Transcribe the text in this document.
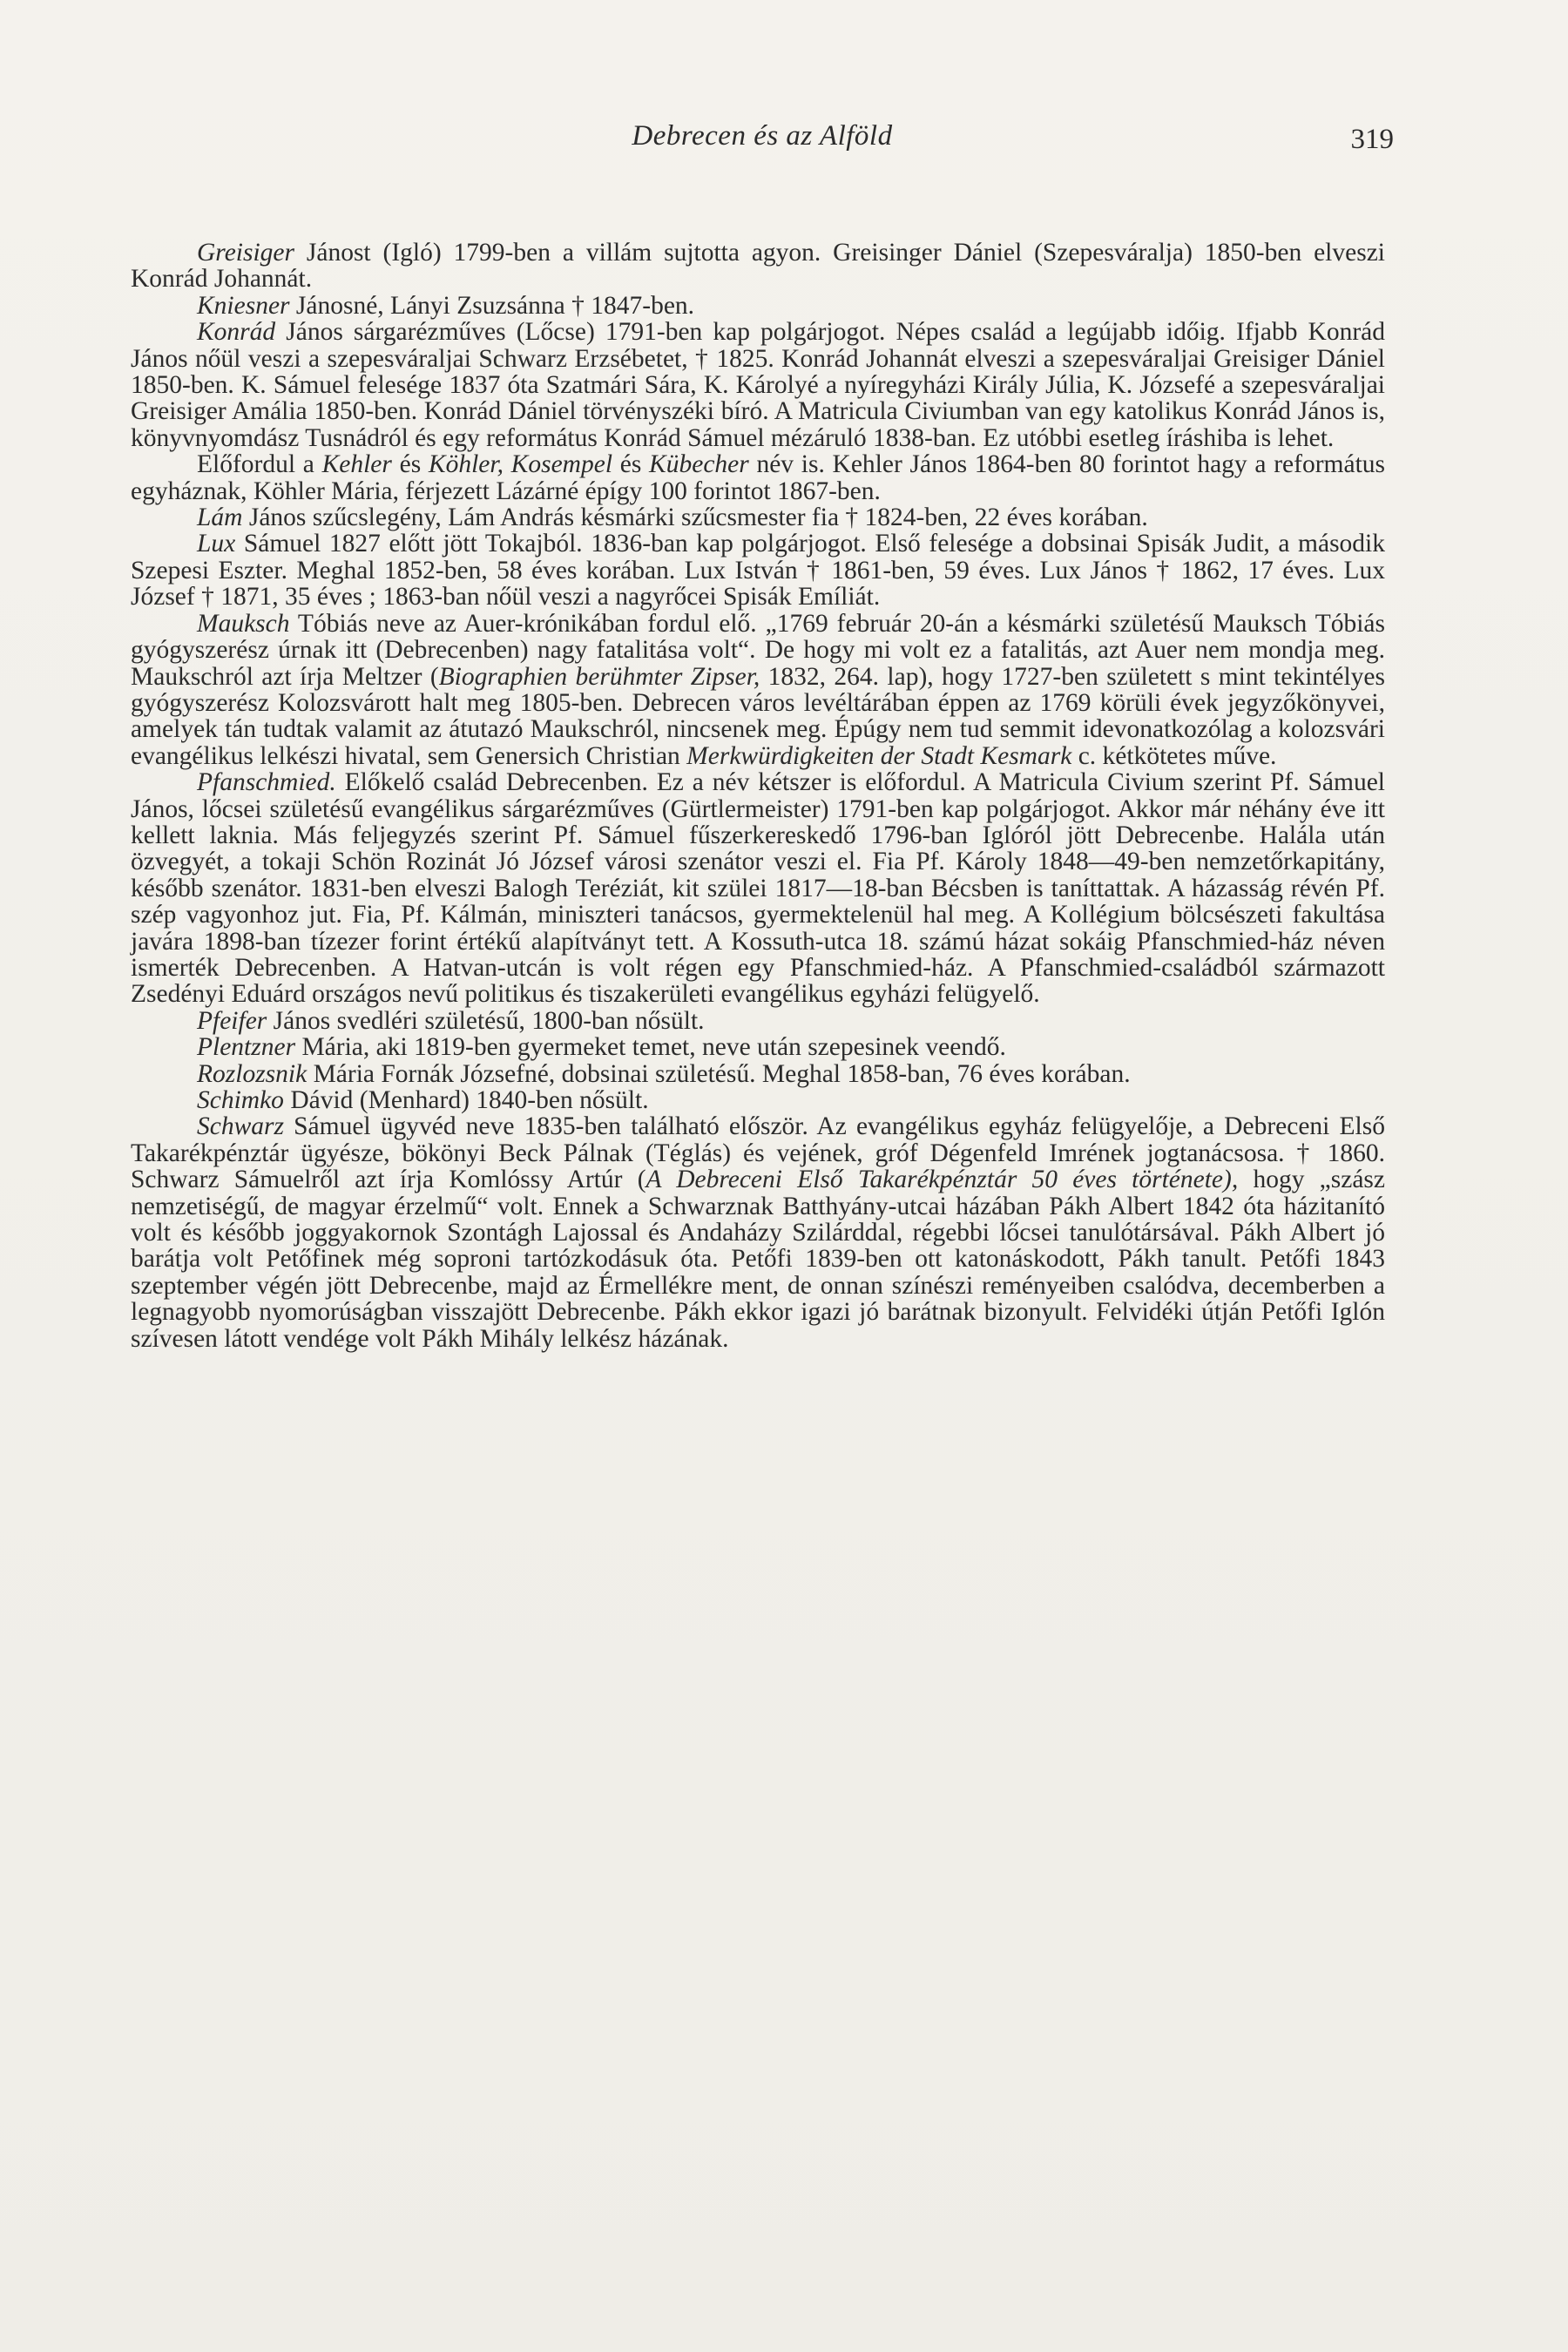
Debrecen és az Alföld	319

Greisiger Jánost (Igló) 1799-ben a villám sujtotta agyon. Greisinger Dániel (Szepesváralja) 1850-ben elveszi Konrád Johannát.

Kniesner Jánosné, Lányi Zsuzsánna † 1847-ben.

Konrád János sárgarézműves (Lőcse) 1791-ben kap polgárjogot. Népes család a legújabb időig. Ifjabb Konrád János nőül veszi a szepesváraljai Schwarz Erzsébetet, † 1825. Konrád Johannát elveszi a szepesváraljai Greisiger Dániel 1850-ben. K. Sámuel felesége 1837 óta Szatmári Sára, K. Károlyé a nyíregyházi Király Júlia, K. Józsefé a szepesváraljai Greisiger Amália 1850-ben. Konrád Dániel törvényszéki bíró. A Matricula Civiumban van egy katolikus Konrád János is, könyvnyomdász Tusnádról és egy református Konrád Sámuel mézáruló 1838-ban. Ez utóbbi esetleg íráshiba is lehet.

Előfordul a Kehler és Köhler, Kosempel és Kübecher név is. Kehler János 1864-ben 80 forintot hagy a református egyháznak, Köhler Mária, férjezett Lázárné épígy 100 forintot 1867-ben.

Lám János szűcslegény, Lám András késmárki szűcsmester fia † 1824-ben, 22 éves korában.

Lux Sámuel 1827 előtt jött Tokajból. 1836-ban kap polgárjogot. Első felesége a dobsinai Spisák Judit, a második Szepesi Eszter. Meghal 1852-ben, 58 éves korában. Lux István † 1861-ben, 59 éves. Lux János † 1862, 17 éves. Lux József † 1871, 35 éves ; 1863-ban nőül veszi a nagyrőcei Spisák Emíliát.

Mauksch Tóbiás neve az Auer-krónikában fordul elő. „1769 február 20-án a késmárki születésű Mauksch Tóbiás gyógyszerész úrnak itt (Debrecenben) nagy fatalitása volt“. De hogy mi volt ez a fatalitás, azt Auer nem mondja meg. Maukschról azt írja Meltzer (Biographien berühmter Zipser, 1832, 264. lap), hogy 1727-ben született s mint tekintélyes gyógyszerész Kolozsvárott halt meg 1805-ben. Debrecen város levéltárában éppen az 1769 körüli évek jegyzőkönyvei, amelyek tán tudtak valamit az átutazó Maukschról, nincsenek meg. Épúgy nem tud semmit idevonatkozólag a kolozsvári evangélikus lelkészi hivatal, sem Genersich Christian Merkwürdigkeiten der Stadt Kesmark c. kétkötetes műve.

Pfanschmied. Előkelő család Debrecenben. Ez a név kétszer is előfordul. A Matricula Civium szerint Pf. Sámuel János, lőcsei születésű evangélikus sárgarézműves (Gürtlermeister) 1791-ben kap polgárjogot. Akkor már néhány éve itt kellett laknia. Más feljegyzés szerint Pf. Sámuel fűszerkereskedő 1796-ban Iglóról jött Debrecenbe. Halála után özvegyét, a tokaji Schön Rozinát Jó József városi szenátor veszi el. Fia Pf. Károly 1848—49-ben nemzetőrkapitány, később szenátor. 1831-ben elveszi Balogh Teréziát, kit szülei 1817—18-ban Bécsben is taníttattak. A házasság révén Pf. szép vagyonhoz jut. Fia, Pf. Kálmán, miniszteri tanácsos, gyermektelenül hal meg. A Kollégium bölcsészeti fakultása javára 1898-ban tízezer forint értékű alapítványt tett. A Kossuth-utca 18. számú házat sokáig Pfanschmied-ház néven ismerték Debrecenben. A Hatvan-utcán is volt régen egy Pfanschmied-ház. A Pfanschmied-családból származott Zsedényi Eduárd országos nevű politikus és tiszakerületi evangélikus egyházi felügyelő.

Pfeifer János svedléri születésű, 1800-ban nősült.

Plentzner Mária, aki 1819-ben gyermeket temet, neve után szepesinek veendő.

Rozlozsnik Mária Fornák Józsefné, dobsinai születésű. Meghal 1858-ban, 76 éves korában.

Schimko Dávid (Menhard) 1840-ben nősült.

Schwarz Sámuel ügyvéd neve 1835-ben található először. Az evangélikus egyház felügyelője, a Debreceni Első Takarékpénztár ügyésze, bökönyi Beck Pálnak (Téglás) és vejének, gróf Dégenfeld Imrének jogtanácsosa. † 1860. Schwarz Sámuelről azt írja Komlóssy Artúr (A Debreceni Első Takarékpénztár 50 éves története), hogy „szász nemzetiségű, de magyar érzelmű“ volt. Ennek a Schwarznak Batthyány-utcai házában Pákh Albert 1842 óta házitanító volt és később joggyakornok Szontágh Lajossal és Andaházy Szilárddal, régebbi lőcsei tanulótársával. Pákh Albert jó barátja volt Petőfinek még soproni tartózkodásuk óta. Petőfi 1839-ben ott katonáskodott, Pákh tanult. Petőfi 1843 szeptember végén jött Debrecenbe, majd az Érmellékre ment, de onnan színészi reményeiben csalódva, decemberben a legnagyobb nyomorúságban visszajött Debrecenbe. Pákh ekkor igazi jó barátnak bizonyult. Felvidéki útján Petőfi Iglón szívesen látott vendége volt Pákh Mihály lelkész házának.
